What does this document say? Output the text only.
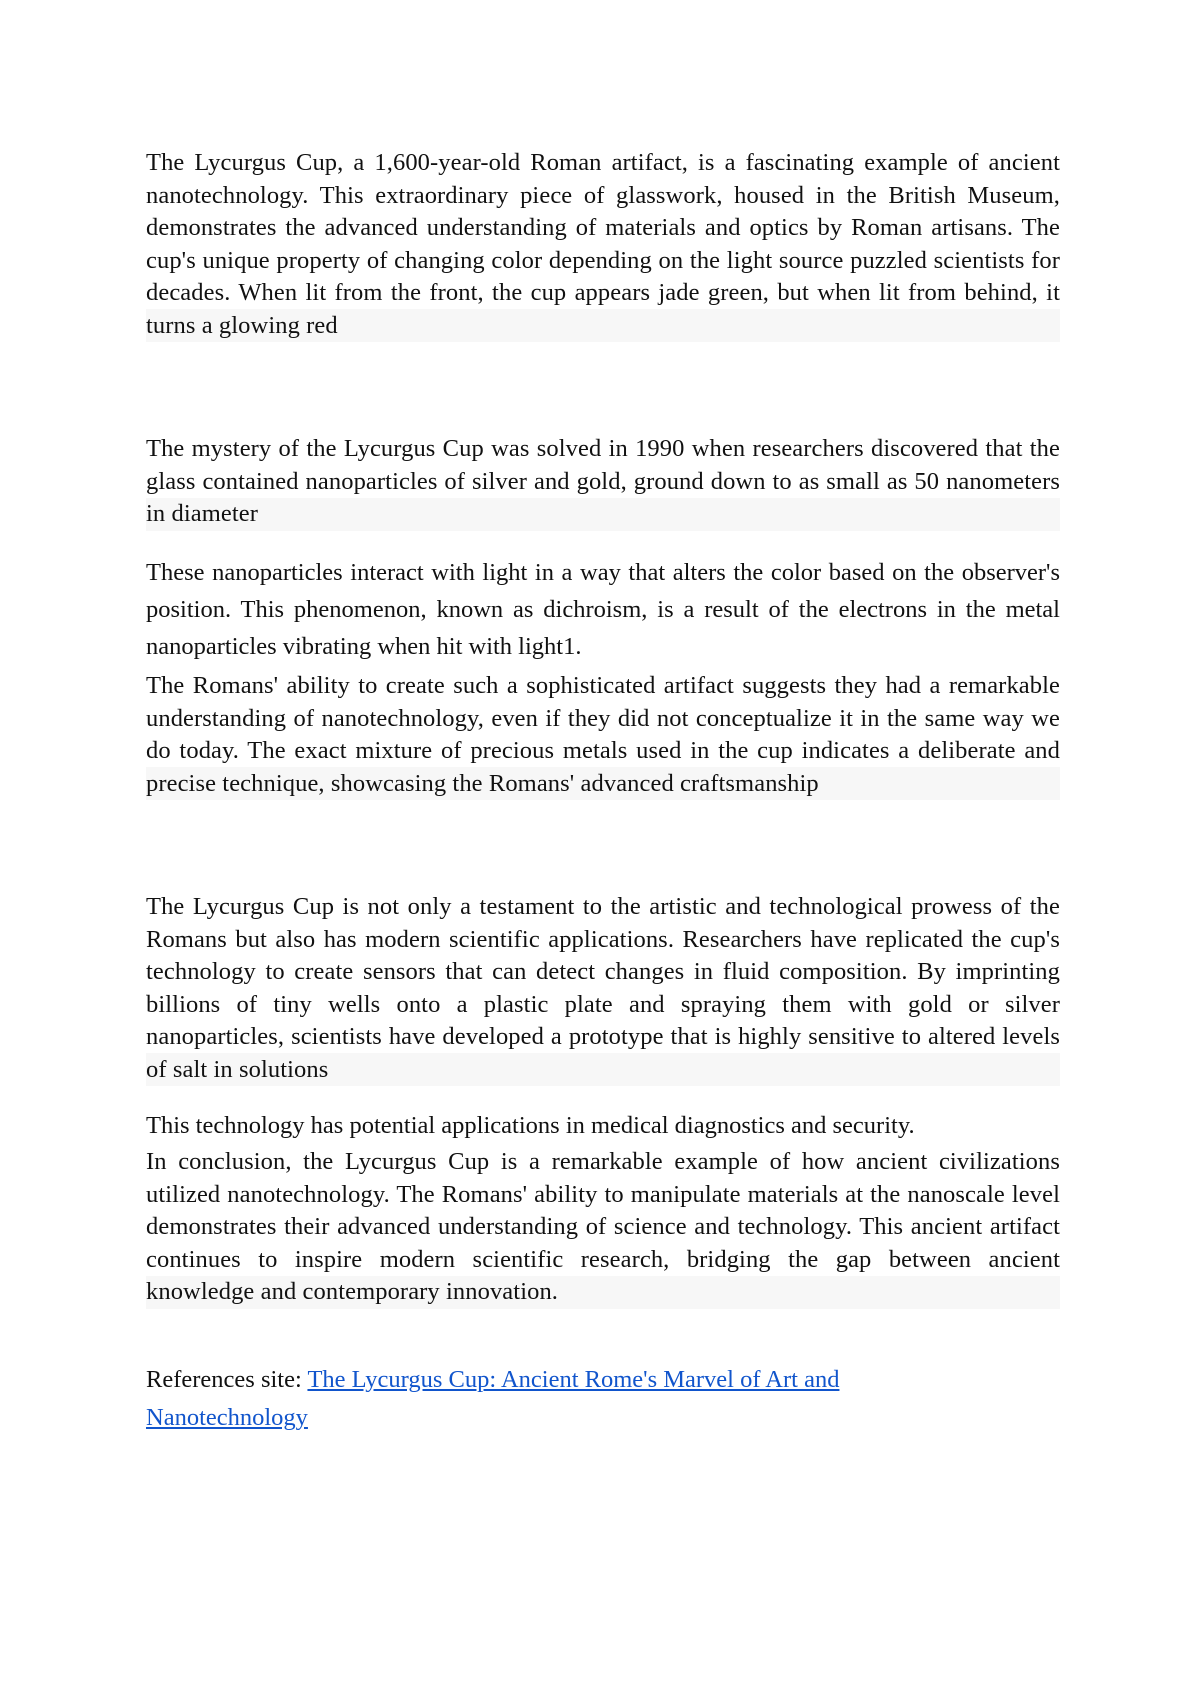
The Lycurgus Cup, a 1,600-year-old Roman artifact, is a fascinating example of ancient nanotechnology. This extraordinary piece of glasswork, housed in the British Museum, demonstrates the advanced understanding of materials and optics by Roman artisans. The cup's unique property of changing color depending on the light source puzzled scientists for decades. When lit from the front, the cup appears jade green, but when lit from behind, it turns a glowing red

The mystery of the Lycurgus Cup was solved in 1990 when researchers discovered that the glass contained nanoparticles of silver and gold, ground down to as small as 50 nanometers in diameter

These nanoparticles interact with light in a way that alters the color based on the observer's position. This phenomenon, known as dichroism, is a result of the electrons in the metal nanoparticles vibrating when hit with light1.

The Romans' ability to create such a sophisticated artifact suggests they had a remarkable understanding of nanotechnology, even if they did not conceptualize it in the same way we do today. The exact mixture of precious metals used in the cup indicates a deliberate and precise technique, showcasing the Romans' advanced craftsmanship

The Lycurgus Cup is not only a testament to the artistic and technological prowess of the Romans but also has modern scientific applications. Researchers have replicated the cup's technology to create sensors that can detect changes in fluid composition. By imprinting billions of tiny wells onto a plastic plate and spraying them with gold or silver nanoparticles, scientists have developed a prototype that is highly sensitive to altered levels of salt in solutions

This technology has potential applications in medical diagnostics and security.

In conclusion, the Lycurgus Cup is a remarkable example of how ancient civilizations utilized nanotechnology. The Romans' ability to manipulate materials at the nanoscale level demonstrates their advanced understanding of science and technology. This ancient artifact continues to inspire modern scientific research, bridging the gap between ancient knowledge and contemporary innovation.

References site: The Lycurgus Cup: Ancient Rome's Marvel of Art and Nanotechnology
